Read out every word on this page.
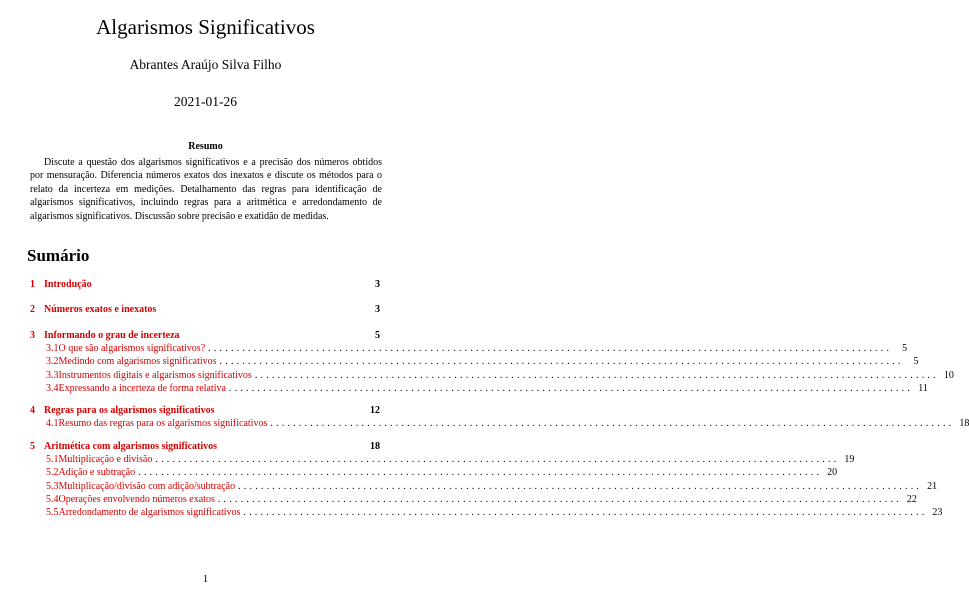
Algarismos Significativos
Abrantes Araújo Silva Filho
2021-01-26
Resumo

Discute a questão dos algarismos significativos e a precisão dos números obtidos por mensuração. Diferencia números exatos dos inexatos e discute os métodos para o relato da incerteza em medições. Detalhamento das regras para identificação de algarismos significativos, incluindo regras para a aritmética e arredondamento de algarismos significativos. Discussão sobre precisão e exatidão de medidas.

Sumário
1 Introdução	3
2 Números exatos e inexatos	3
3 Informando o grau de incerteza	5
3.1 O que são algarismos significativos? ........................................................................................................................	5
3.2 Medindo com algarismos significativos ........................................................................................................................	5
3.3 Instrumentos digitais e algarismos significativos ........................................................................................................................ 10
3.4 Expressando a incerteza de forma relativa ........................................................................................................................ 11
4 Regras para os algarismos significativos	12
4.1 Resumo das regras para os algarismos significativos ........................................................................................................................ 18
5 Aritmética com algarismos significativos	18
5.1 Multiplicação e divisão ........................................................................................................................ 19
5.2 Adição e subtração ........................................................................................................................ 20
5.3 Multiplicação/divisão com adição/subtração ........................................................................................................................ 21
5.4 Operações envolvendo números exatos ........................................................................................................................ 22
5.5 Arredondamento de algarismos significativos ........................................................................................................................ 23
1
